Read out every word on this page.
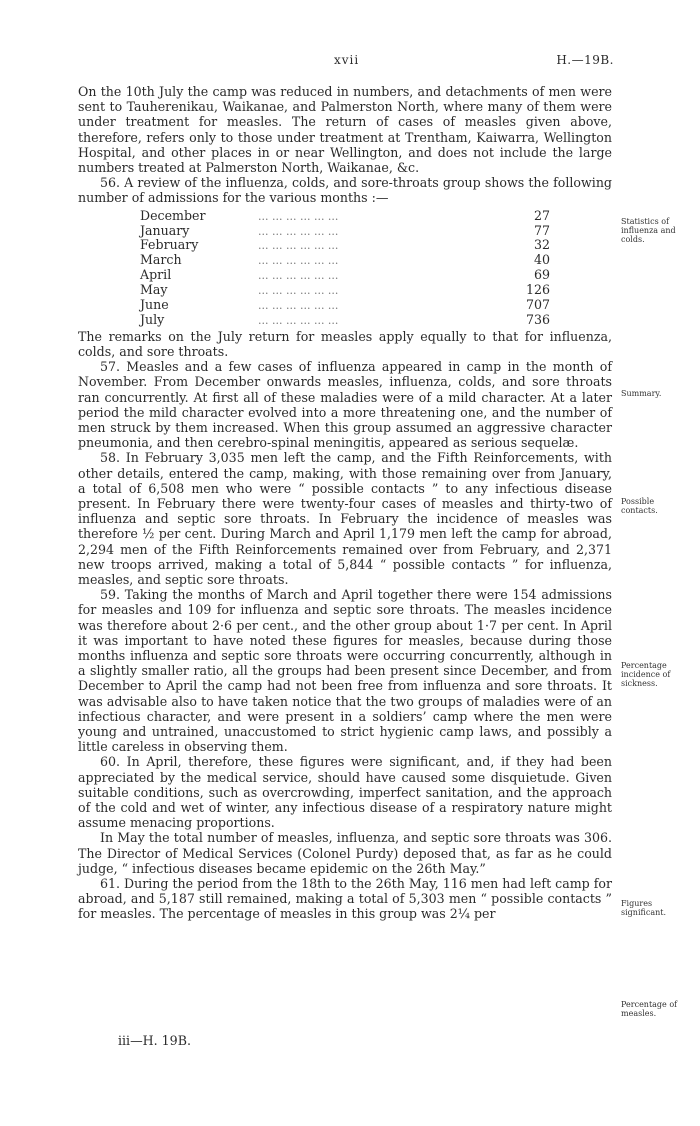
xvii	H.—19B.

On the 10th July the camp was reduced in numbers, and detachments of men were sent to Tauherenikau, Waikanae, and Palmerston North, where many of them were under treatment for measles. The return of cases of measles given above, therefore, refers only to those under treatment at Trentham, Kaiwarra, Wellington Hospital, and other places in or near Wellington, and does not include the large numbers treated at Palmerston North, Waikanae, &c.

56. A review of the influenza, colds, and sore-throats group shows the following number of admissions for the various months :—

December	... ... ... ... ... ...	27
January	... ... ... ... ... ...	77
February	... ... ... ... ... ...	32
March	... ... ... ... ... ...	40
April	... ... ... ... ... ...	69
May	... ... ... ... ... ...	126
June	... ... ... ... ... ...	707
July	... ... ... ... ... ...	736

The remarks on the July return for measles apply equally to that for influenza, colds, and sore throats.

57. Measles and a few cases of influenza appeared in camp in the month of November. From December onwards measles, influenza, colds, and sore throats ran concurrently. At first all of these maladies were of a mild character. At a later period the mild character evolved into a more threatening one, and the number of men struck by them increased. When this group assumed an aggressive character pneumonia, and then cerebro-spinal meningitis, appeared as serious sequelæ.

58. In February 3,035 men left the camp, and the Fifth Reinforcements, with other details, entered the camp, making, with those remaining over from January, a total of 6,508 men who were “ possible contacts ” to any infectious disease present. In February there were twenty-four cases of measles and thirty-two of influenza and septic sore throats. In February the incidence of measles was therefore ½ per cent. During March and April 1,179 men left the camp for abroad, 2,294 men of the Fifth Reinforcements remained over from February, and 2,371 new troops arrived, making a total of 5,844 “ possible contacts ” for influenza, measles, and septic sore throats.

59. Taking the months of March and April together there were 154 admissions for measles and 109 for influenza and septic sore throats. The measles incidence was therefore about 2·6 per cent., and the other group about 1·7 per cent. In April it was important to have noted these figures for measles, because during those months influenza and septic sore throats were occurring concurrently, although in a slightly smaller ratio, all the groups had been present since December, and from December to April the camp had not been free from influenza and sore throats. It was advisable also to have taken notice that the two groups of maladies were of an infectious character, and were present in a soldiers’ camp where the men were young and untrained, unaccustomed to strict hygienic camp laws, and possibly a little careless in observing them.

60. In April, therefore, these figures were significant, and, if they had been appreciated by the medical service, should have caused some disquietude. Given suitable conditions, such as overcrowding, imperfect sanitation, and the approach of the cold and wet of winter, any infectious disease of a respiratory nature might assume menacing proportions.

In May the total number of measles, influenza, and septic sore throats was 306. The Director of Medical Services (Colonel Purdy) deposed that, as far as he could judge, “ infectious diseases became epidemic on the 26th May.”

61. During the period from the 18th to the 26th May, 116 men had left camp for abroad, and 5,187 still remained, making a total of 5,303 men “ possible contacts ” for measles. The percentage of measles in this group was 2¼ per

Statistics of influenza and colds.
Summary.
Possible contacts.
Percentage incidence of sickness.
Figures significant.
Percentage of measles.
iii—H. 19B.
